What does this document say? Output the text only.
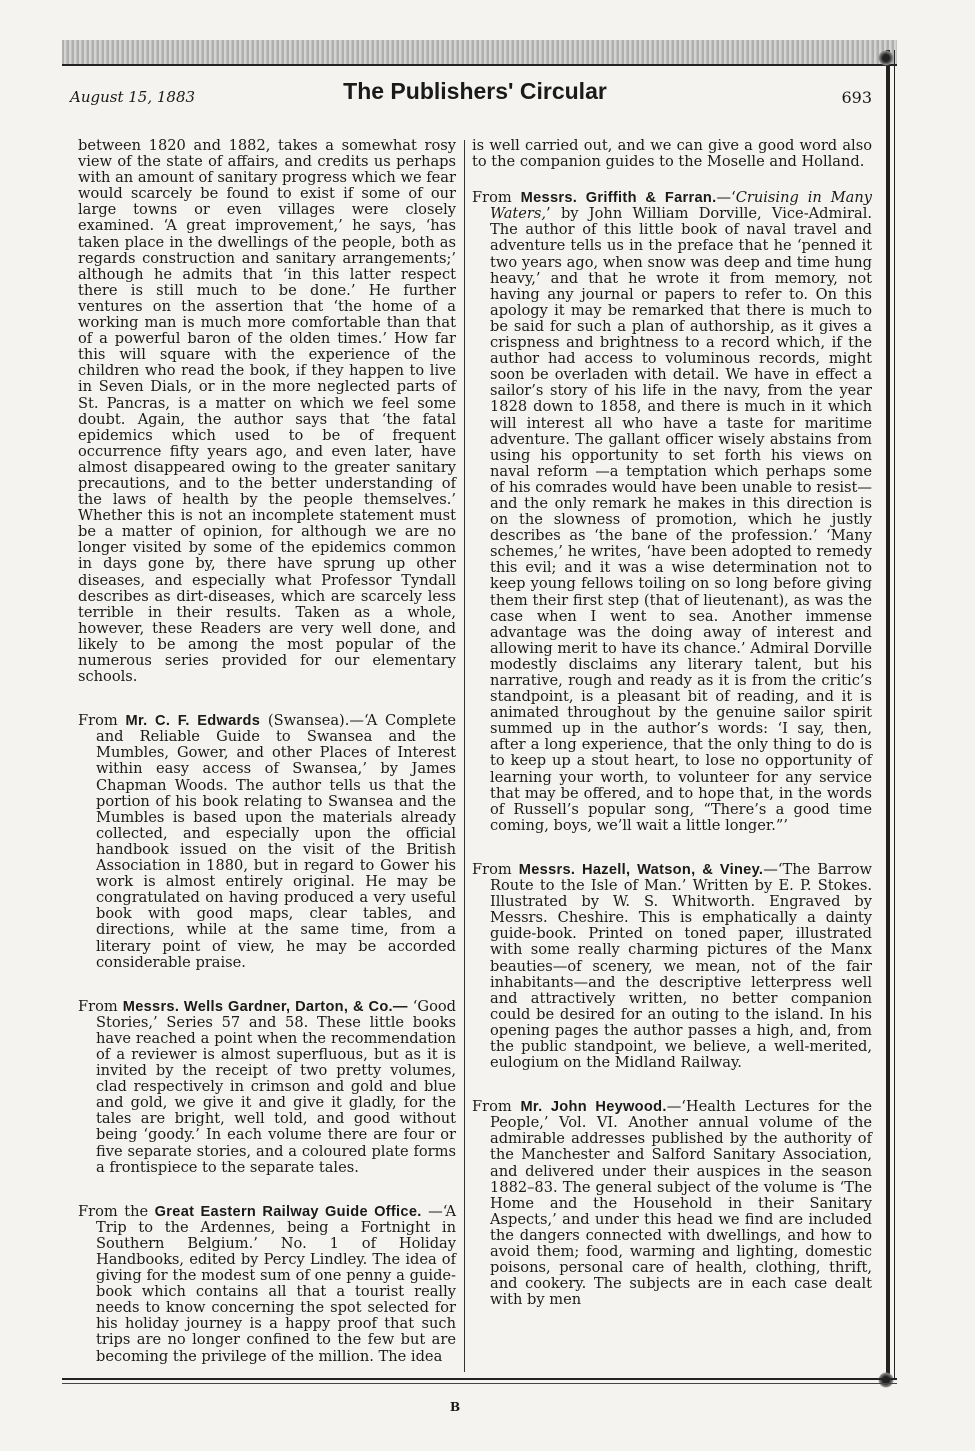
August 15, 1883	The Publishers' Circular	693

between 1820 and 1882, takes a somewhat rosy view of the state of affairs, and credits us perhaps with an amount of sanitary progress which we fear would scarcely be found to exist if some of our large towns or even villages were closely examined. ‘A great improvement,’ he says, ‘has taken place in the dwellings of the people, both as regards construction and sanitary arrangements;’ although he admits that ‘in this latter respect there is still much to be done.’ He further ventures on the assertion that ‘the home of a working man is much more comfortable than that of a powerful baron of the olden times.’ How far this will square with the experience of the children who read the book, if they happen to live in Seven Dials, or in the more neglected parts of St. Pancras, is a matter on which we feel some doubt. Again, the author says that ‘the fatal epidemics which used to be of frequent occurrence fifty years ago, and even later, have almost disappeared owing to the greater sanitary precautions, and to the better understanding of the laws of health by the people themselves.’ Whether this is not an incomplete statement must be a matter of opinion, for although we are no longer visited by some of the epidemics common in days gone by, there have sprung up other diseases, and especially what Professor Tyndall describes as dirt-diseases, which are scarcely less terrible in their results. Taken as a whole, however, these Readers are very well done, and likely to be among the most popular of the numerous series provided for our elementary schools.

From Mr. C. F. Edwards (Swansea).—‘A Complete and Reliable Guide to Swansea and the Mumbles, Gower, and other Places of Interest within easy access of Swansea,’ by James Chapman Woods. The author tells us that the portion of his book relating to Swansea and the Mumbles is based upon the materials already collected, and especially upon the official handbook issued on the visit of the British Association in 1880, but in regard to Gower his work is almost entirely original. He may be congratulated on having produced a very useful book with good maps, clear tables, and directions, while at the same time, from a literary point of view, he may be accorded considerable praise.

From Messrs. Wells Gardner, Darton, & Co.— ‘Good Stories,’ Series 57 and 58. These little books have reached a point when the recommendation of a reviewer is almost superfluous, but as it is invited by the receipt of two pretty volumes, clad respectively in crimson and gold and blue and gold, we give it and give it gladly, for the tales are bright, well told, and good without being ‘goody.’ In each volume there are four or five separate stories, and a coloured plate forms a frontispiece to the separate tales.

From the Great Eastern Railway Guide Office. —‘A Trip to the Ardennes, being a Fortnight in Southern Belgium.’ No. 1 of Holiday Handbooks, edited by Percy Lindley. The idea of giving for the modest sum of one penny a guide-book which contains all that a tourist really needs to know concerning the spot selected for his holiday journey is a happy proof that such trips are no longer confined to the few but are becoming the privilege of the million. The idea

is well carried out, and we can give a good word also to the companion guides to the Moselle and Holland.

From Messrs. Griffith & Farran.—‘Cruising in Many Waters,’ by John William Dorville, Vice-Admiral. The author of this little book of naval travel and adventure tells us in the preface that he ‘penned it two years ago, when snow was deep and time hung heavy,’ and that he wrote it from memory, not having any journal or papers to refer to. On this apology it may be remarked that there is much to be said for such a plan of authorship, as it gives a crispness and brightness to a record which, if the author had access to voluminous records, might soon be overladen with detail. We have in effect a sailor’s story of his life in the navy, from the year 1828 down to 1858, and there is much in it which will interest all who have a taste for maritime adventure. The gallant officer wisely abstains from using his opportunity to set forth his views on naval reform —a temptation which perhaps some of his comrades would have been unable to resist—and the only remark he makes in this direction is on the slowness of promotion, which he justly describes as ‘the bane of the profession.’ ‘Many schemes,’ he writes, ‘have been adopted to remedy this evil; and it was a wise determination not to keep young fellows toiling on so long before giving them their first step (that of lieutenant), as was the case when I went to sea. Another immense advantage was the doing away of interest and allowing merit to have its chance.’ Admiral Dorville modestly disclaims any literary talent, but his narrative, rough and ready as it is from the critic’s standpoint, is a pleasant bit of reading, and it is animated throughout by the genuine sailor spirit summed up in the author’s words: ‘I say, then, after a long experience, that the only thing to do is to keep up a stout heart, to lose no opportunity of learning your worth, to volunteer for any service that may be offered, and to hope that, in the words of Russell’s popular song, “There’s a good time coming, boys, we’ll wait a little longer.”’

From Messrs. Hazell, Watson, & Viney.—‘The Barrow Route to the Isle of Man.’ Written by E. P. Stokes. Illustrated by W. S. Whitworth. Engraved by Messrs. Cheshire. This is emphatically a dainty guide-book. Printed on toned paper, illustrated with some really charming pictures of the Manx beauties—of scenery, we mean, not of the fair inhabitants—and the descriptive letterpress well and attractively written, no better companion could be desired for an outing to the island. In his opening pages the author passes a high, and, from the public standpoint, we believe, a well-merited, eulogium on the Midland Railway.

From Mr. John Heywood.—‘Health Lectures for the People,’ Vol. VI. Another annual volume of the admirable addresses published by the authority of the Manchester and Salford Sanitary Association, and delivered under their auspices in the season 1882–83. The general subject of the volume is ‘The Home and the Household in their Sanitary Aspects,’ and under this head we find are included the dangers connected with dwellings, and how to avoid them; food, warming and lighting, domestic poisons, personal care of health, clothing, thrift, and cookery. The subjects are in each case dealt with by men

B
